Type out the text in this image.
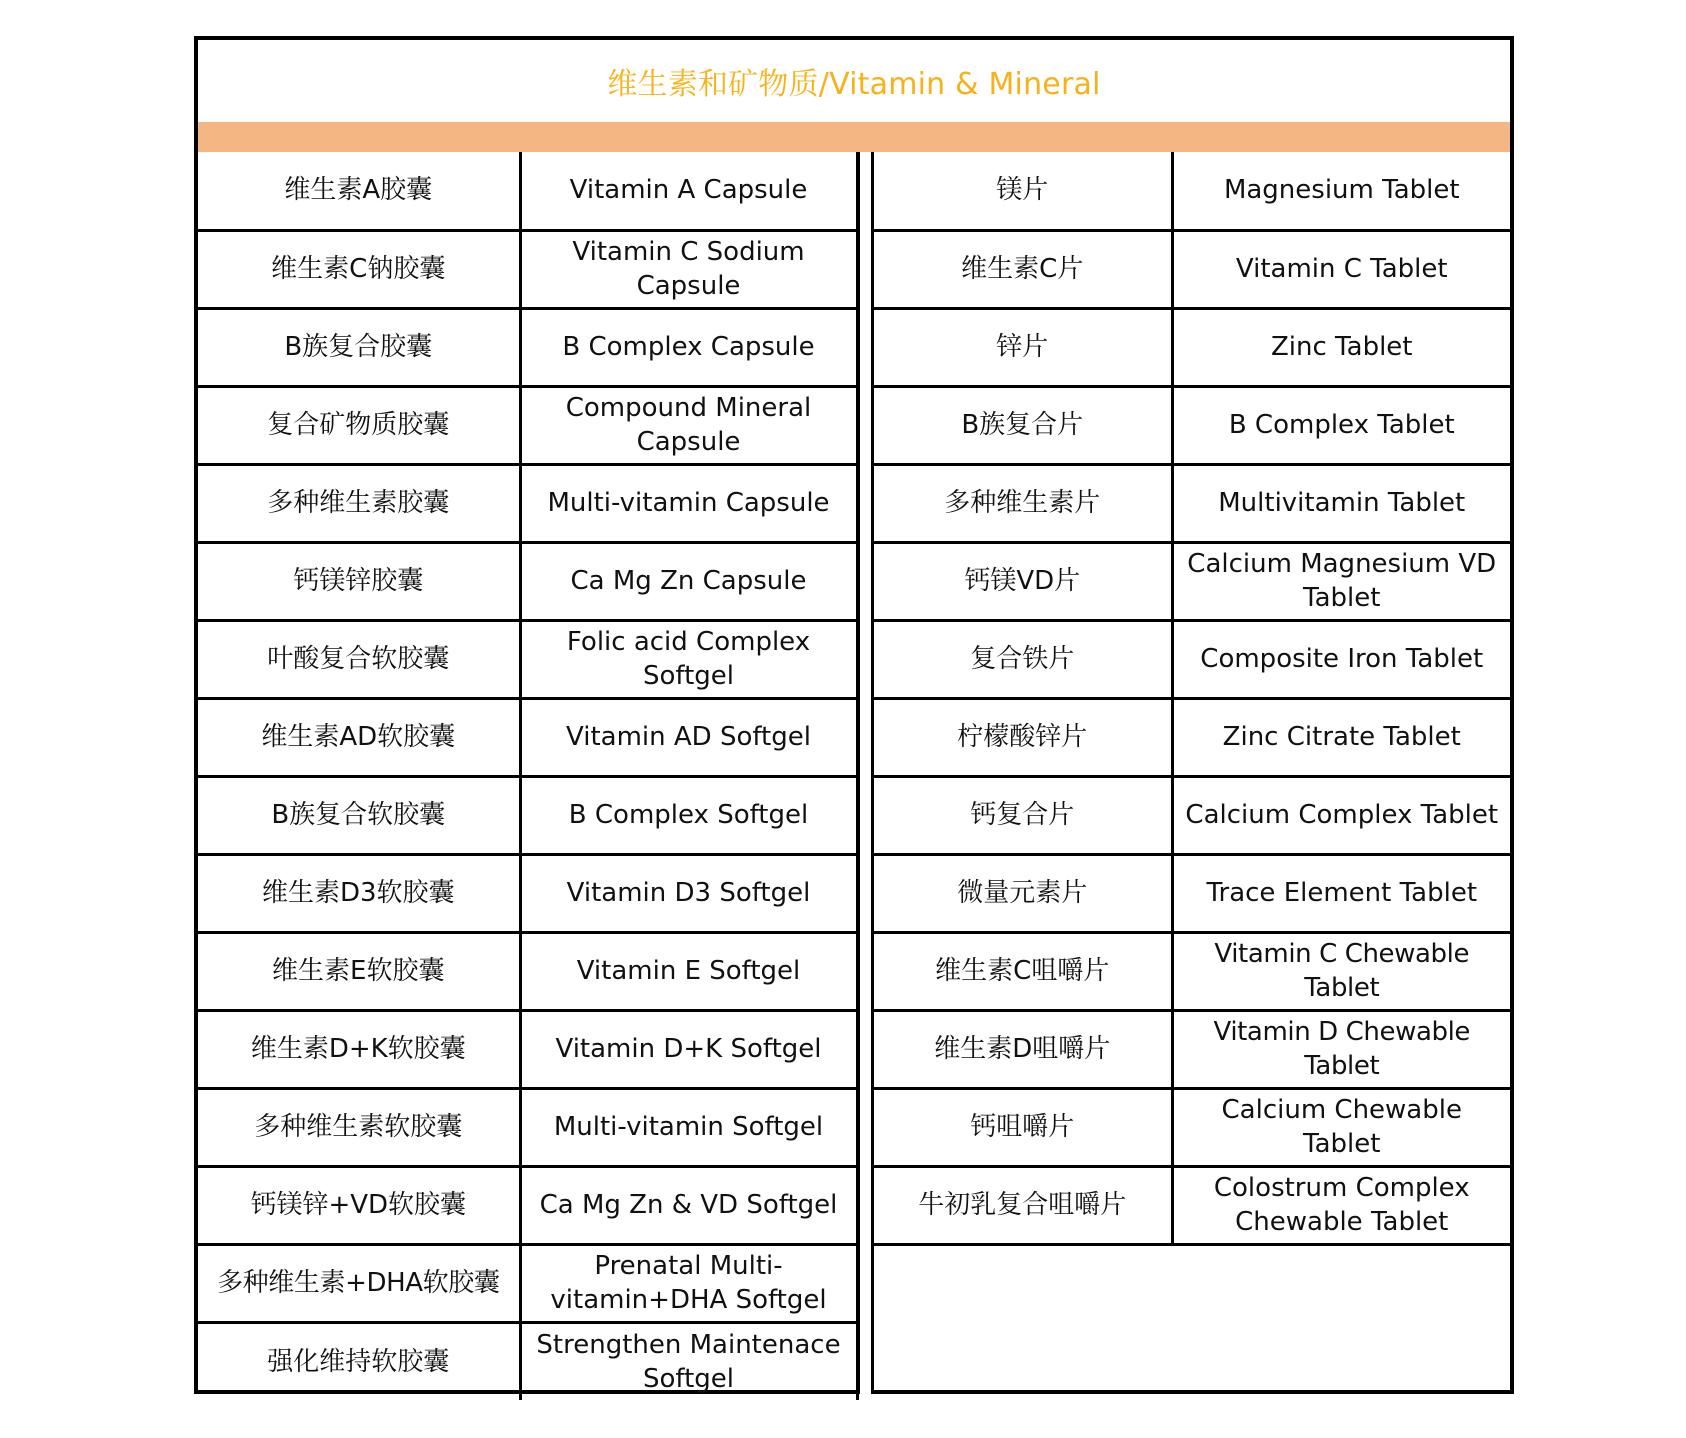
维生素和矿物质/Vitamin & Mineral
维生素A胶囊	Vitamin A Capsule
维生素C钠胶囊	Vitamin C Sodium Capsule
B族复合胶囊	B Complex Capsule
复合矿物质胶囊	Compound Mineral Capsule
多种维生素胶囊	Multi-vitamin Capsule
钙镁锌胶囊	Ca Mg Zn Capsule
叶酸复合软胶囊	Folic acid Complex Softgel
维生素AD软胶囊	Vitamin AD Softgel
B族复合软胶囊	B Complex Softgel
维生素D3软胶囊	Vitamin D3 Softgel
维生素E软胶囊	Vitamin E Softgel
维生素D+K软胶囊	Vitamin D+K Softgel
多种维生素软胶囊	Multi-vitamin Softgel
钙镁锌+VD软胶囊	Ca Mg Zn & VD Softgel
多种维生素+DHA软胶囊	Prenatal Multi-vitamin+DHA Softgel
强化维持软胶囊	Strengthen Maintenace Softgel
镁片	Magnesium Tablet
维生素C片	Vitamin C Tablet
锌片	Zinc Tablet
B族复合片	B Complex Tablet
多种维生素片	Multivitamin Tablet
钙镁VD片	Calcium Magnesium VD Tablet
复合铁片	Composite Iron Tablet
柠檬酸锌片	Zinc Citrate Tablet
钙复合片	Calcium Complex Tablet
微量元素片	Trace Element Tablet
维生素C咀嚼片	Vitamin C Chewable Tablet
维生素D咀嚼片	Vitamin D Chewable Tablet
钙咀嚼片	Calcium Chewable Tablet
牛初乳复合咀嚼片	Colostrum Complex Chewable Tablet
